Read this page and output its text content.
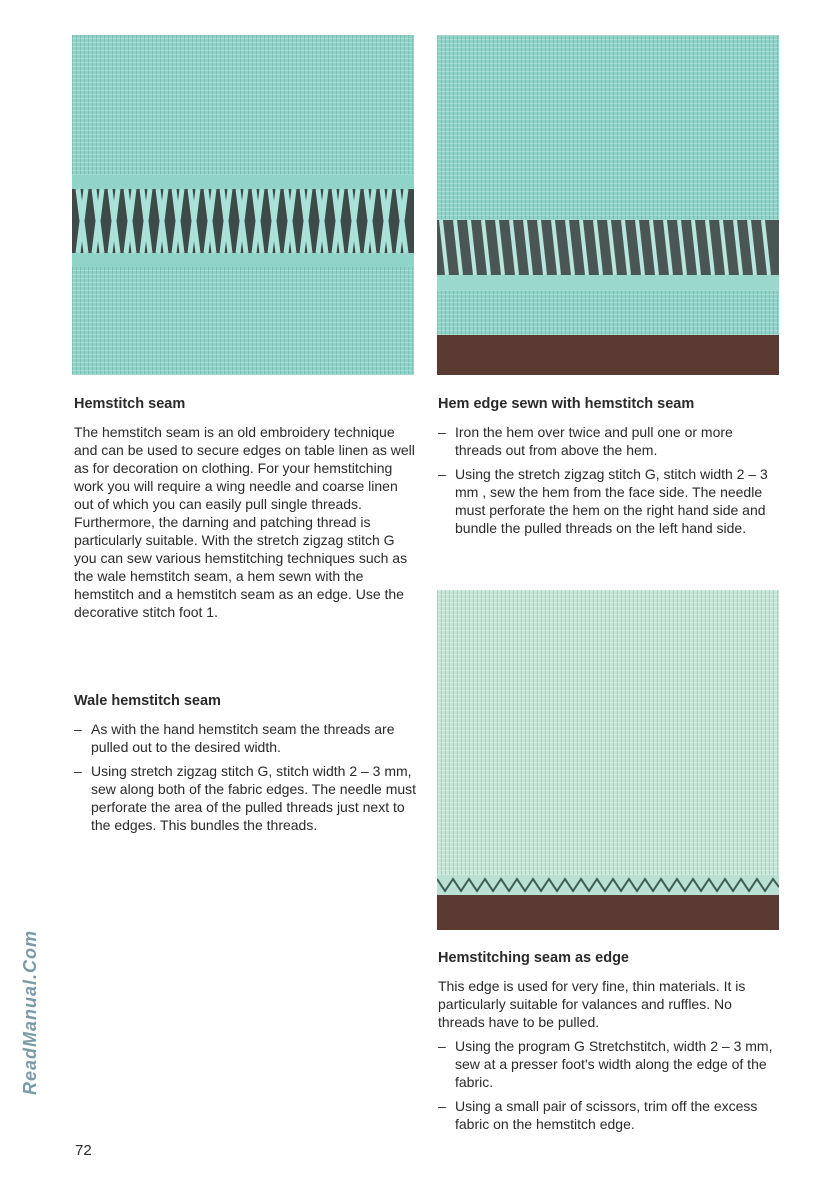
Hemstitch seam

The hemstitch seam is an old embroidery technique and can be used to secure edges on table linen as well as for decoration on clothing. For your hemstitching work you will require a wing needle and coarse linen out of which you can easily pull single threads. Furthermore, the darning and patching thread is particularly suitable. With the stretch zigzag stitch G you can sew various hemstitching techniques such as the wale hemstitch seam, a hem sewn with the hemstitch and a hemstitch seam as an edge. Use the decorative stitch foot 1.

Wale hemstitch seam
– As with the hand hemstitch seam the threads are pulled out to the desired width.
– Using stretch zigzag stitch G, stitch width 2 – 3 mm, sew along both of the fabric edges. The needle must perforate the area of the pulled threads just next to the edges. This bundles the threads.
Hem edge sewn with hemstitch seam
– Iron the hem over twice and pull one or more threads out from above the hem.
– Using the stretch zigzag stitch G, stitch width 2 – 3 mm , sew the hem from the face side. The needle must perforate the hem on the right hand side and bundle the pulled threads on the left hand side.
Hemstitching seam as edge

This edge is used for very fine, thin materials. It is particularly suitable for valances and ruffles. No threads have to be pulled.

– Using the program G Stretchstitch, width 2 – 3 mm, sew at a presser foot's width along the edge of the fabric.
– Using a small pair of scissors, trim off the excess fabric on the hemstitch edge.
72
ReadManual.Com
